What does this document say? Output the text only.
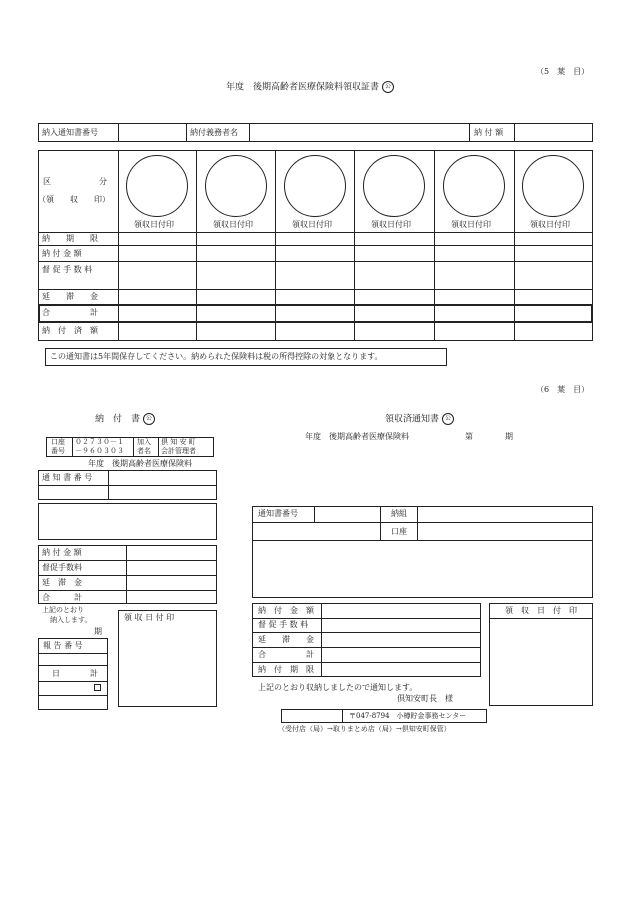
（5　葉　目）
年度　後期高齢者医療保険料領収証書 公
納入通知書番号	納付義務者名	納 付 額
区　　　　　　分
（領　　収　　印）
領収日付印	領収日付印	領収日付印	領収日付印	領収日付印	領収日付印
納　　期　　限
納 付 金 額
督 促 手 数 料
延　　滞　　金
合　　　　　計
納　付　済　額
この通知書は5年間保存してください。納められた保険料は税の所得控除の対象となります。
（6　葉　目）
納　付　書 公
口座
番号
０２７３０－１
－９６０３０３
加入
者名
倶 知 安 町
会計管理者
年度　後期高齢者医療保険料
通 知 書 番 号
納 付 金 額
督促手数料
延　滞　金
合　　　計
上記のとおり
納入します。
期
領 収 日 付 印
報 告 番 号
日	計
領収済通知書 公
年度　後期高齢者医療保険料　　　　　　　第　　　　期
通知書番号	納組
口座
納　付　金　額
督 促 手 数 料
延　　滞　　金
合　　　　　計
納　付　期　限
領　収　日　付　印
上記のとおり収納しましたので通知します。
倶知安町長　様
〒047-8794　小樽貯金事務センター
（受付店（局）→取りまとめ店（局）→倶知安町保管）
